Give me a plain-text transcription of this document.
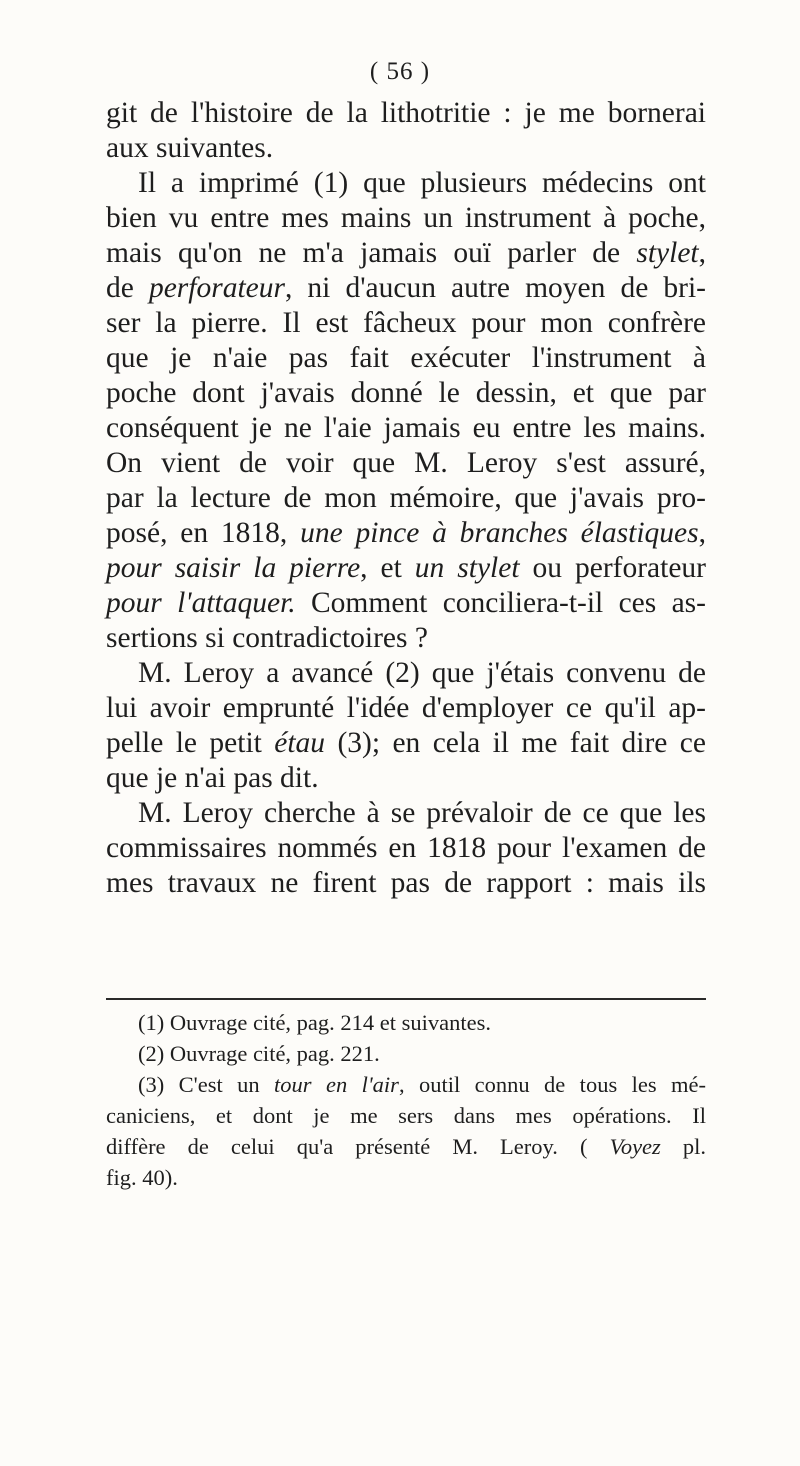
( 56 )
git de l'histoire de la lithotritie : je me bornerai
aux suivantes.
Il a imprimé (1) que plusieurs médecins ont
bien vu entre mes mains un instrument à poche,
mais qu'on ne m'a jamais ouï parler de stylet,
de perforateur, ni d'aucun autre moyen de bri-
ser la pierre. Il est fâcheux pour mon confrère
que je n'aie pas fait exécuter l'instrument à
poche dont j'avais donné le dessin, et que par
conséquent je ne l'aie jamais eu entre les mains.
On vient de voir que M. Leroy s'est assuré,
par la lecture de mon mémoire, que j'avais pro-
posé, en 1818, une pince à branches élastiques,
pour saisir la pierre, et un stylet ou perforateur
pour l'attaquer. Comment conciliera-t-il ces as-
sertions si contradictoires ?
M. Leroy a avancé (2) que j'étais convenu de
lui avoir emprunté l'idée d'employer ce qu'il ap-
pelle le petit étau (3); en cela il me fait dire ce
que je n'ai pas dit.
M. Leroy cherche à se prévaloir de ce que les
commissaires nommés en 1818 pour l'examen de
mes travaux ne firent pas de rapport : mais ils
(1) Ouvrage cité, pag. 214 et suivantes.
(2) Ouvrage cité, pag. 221.
(3) C'est un tour en l'air, outil connu de tous les mé-
caniciens, et dont je me sers dans mes opérations. Il
diffère de celui qu'a présenté M. Leroy. ( Voyez pl.
fig. 40).
